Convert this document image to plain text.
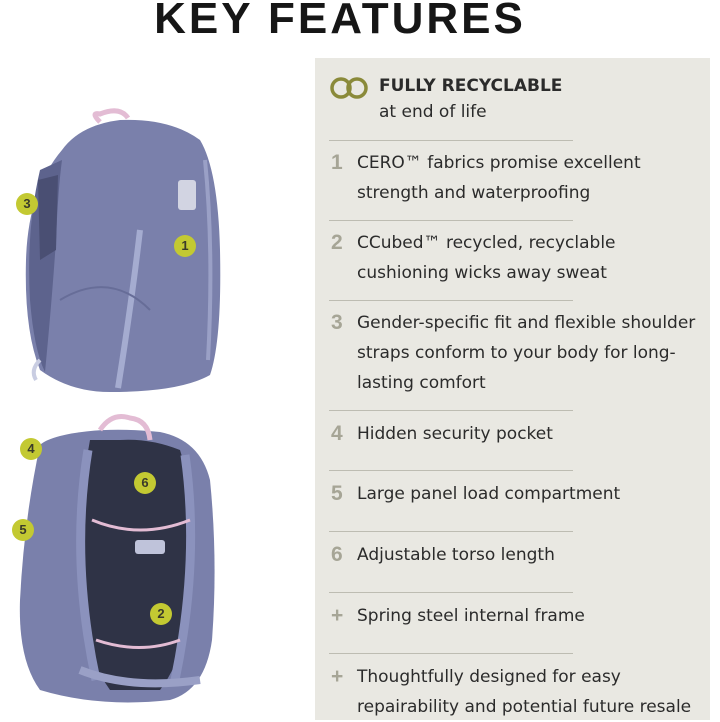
KEY FEATURES
1
2
3
4
5
6
FULLY RECYCLABLE
at end of life
1 CERO™ fabrics promise excellent strength and waterproofing
2 CCubed™ recycled, recyclable cushioning wicks away sweat
3 Gender-specific fit and flexible shoulder straps conform to your body for long-lasting comfort
4 Hidden security pocket
5 Large panel load compartment
6 Adjustable torso length
+ Spring steel internal frame
+ Thoughtfully designed for easy repairability and potential future resale
